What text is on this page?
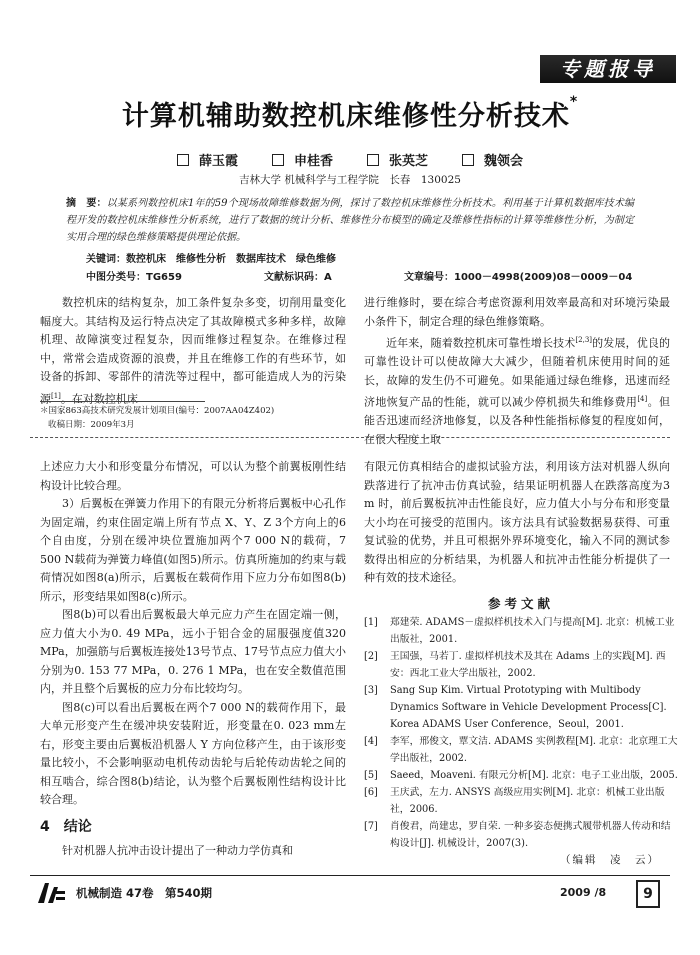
专题报导
计算机辅助数控机床维修性分析技术*
薛玉霞	申桂香	张英芝	魏领会
吉林大学 机械科学与工程学院　长春　130025
摘　要：以某系列数控机床1年的59个现场故障维修数据为例，探讨了数控机床维修性分析技术。利用基于计算机数据库技术编程开发的数控机床维修性分析系统，进行了数据的统计分析、维修性分布模型的确定及维修性指标的计算等维修性分析，为制定实用合理的绿色维修策略提供理论依据。
关键词：数控机床　维修性分析　数据库技术　绿色维修
中图分类号：TG659	文献标识码：A	文章编号：1000－4998(2009)08－0009－04

数控机床的结构复杂，加工条件复杂多变，切削用量变化幅度大。其结构及运行特点决定了其故障模式多种多样，故障机理、故障演变过程复杂，因而维修过程复杂。在维修过程中，常常会造成资源的浪费，并且在维修工作的有些环节，如设备的拆卸、零部件的清洗等过程中，都可能造成人为的污染源[1]。在对数控机床

＊国家863高技术研究发展计划项目(编号：2007AA04Z402)
收稿日期：2009年3月

进行维修时，要在综合考虑资源利用效率最高和对环境污染最小条件下，制定合理的绿色维修策略。

近年来，随着数控机床可靠性增长技术[2,3]的发展，优良的可靠性设计可以使故障大大减少，但随着机床使用时间的延长，故障的发生仍不可避免。如果能通过绿色维修，迅速而经济地恢复产品的性能，就可以减少停机损失和维修费用[4]。但能否迅速而经济地修复，以及各种性能指标修复的程度如何，在很大程度上取

上述应力大小和形变量分布情况，可以认为整个前翼板刚性结构设计比较合理。

3）后翼板在弹簧力作用下的有限元分析将后翼板中心孔作为固定端，约束住固定端上所有节点 X、Y、Z 3个方向上的6个自由度，分别在缓冲块位置施加两个7 000 N的载荷，7 500 N载荷为弹簧力峰值(如图5)所示。仿真所施加的约束与载荷情况如图8(a)所示，后翼板在载荷作用下应力分布如图8(b)所示，形变结果如图8(c)所示。

图8(b)可以看出后翼板最大单元应力产生在固定端一侧，应力值大小为0. 49 MPa，远小于铝合金的屈服强度值320 MPa，加强筋与后翼板连接处13号节点、17号节点应力值大小分别为0. 153 77 MPa，0. 276 1 MPa，也在安全数值范围内，并且整个后翼板的应力分布比较均匀。

图8(c)可以看出后翼板在两个7 000 N的载荷作用下，最大单元形变产生在缓冲块安装附近，形变量在0. 023 mm左右，形变主要由后翼板沿机器人 Y 方向位移产生，由于该形变量比较小，不会影响驱动电机传动齿轮与后轮传动齿轮之间的相互啮合，综合图8(b)结论，认为整个后翼板刚性结构设计比较合理。

4　结论

针对机器人抗冲击设计提出了一种动力学仿真和

有限元仿真相结合的虚拟试验方法，利用该方法对机器人纵向跌落进行了抗冲击仿真试验，结果证明机器人在跌落高度为3 m 时，前后翼板抗冲击性能良好，应力值大小与分布和形变量大小均在可接受的范围内。该方法具有试验数据易获得、可重复试验的优势，并且可根据外界环境变化，输入不同的测试参数得出相应的分析结果，为机器人和抗冲击性能分析提供了一种有效的技术途径。

参考文献
[1]	郑建荣. ADAMS－虚拟样机技术入门与提高[M]. 北京：机械工业出版社，2001.
[2]	王国强，马若丁. 虚拟样机技术及其在 Adams 上的实践[M]. 西安：西北工业大学出版社，2002.
[3]	Sang Sup Kim. Virtual Prototyping with Multibody Dynamics Software in Vehicle Development Process[C]. Korea ADAMS User Conference，Seoul，2001.
[4]	李军，邢俊文，覃文洁. ADAMS 实例教程[M]. 北京：北京理工大学出版社，2002.
[5]	Saeed，Moaveni. 有限元分析[M]. 北京：电子工业出版，2005.
[6]	王庆武，左力. ANSYS 高级应用实例[M]. 北京：机械工业出版社，2006.
[7]	肖俊君，尚建忠，罗自荣. 一种多姿态便携式履带机器人传动和结构设计[J]. 机械设计，2007(3).
（编辑　凌　云）
机械制造 47卷　第540期	2009 /8	9
